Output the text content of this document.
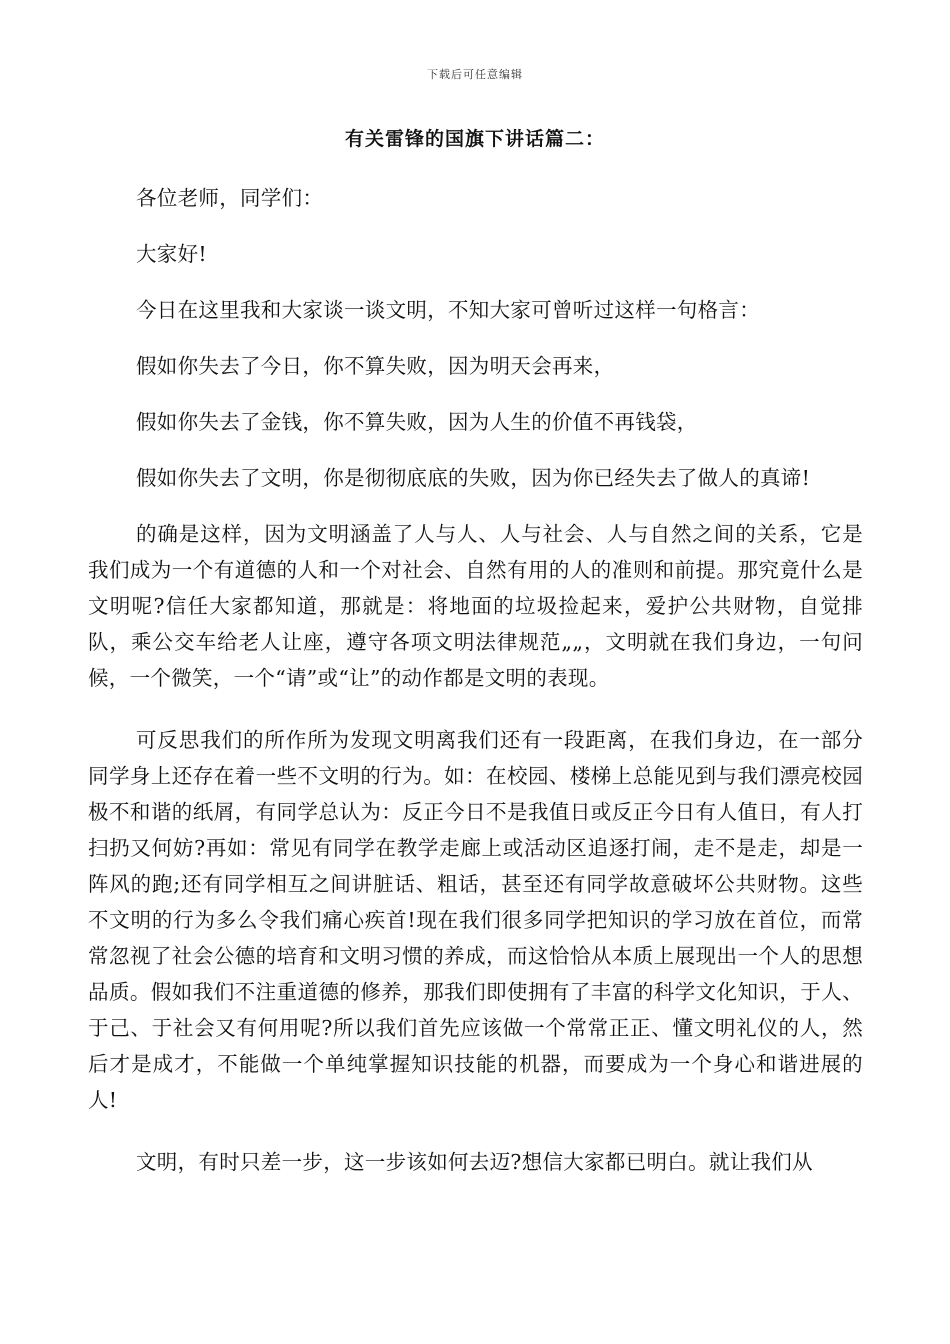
下载后可任意编辑
有关雷锋的国旗下讲话篇二：

各位老师，同学们：

大家好!

今日在这里我和大家谈一谈文明，不知大家可曾听过这样一句格言：

假如你失去了今日，你不算失败，因为明天会再来，

假如你失去了金钱，你不算失败，因为人生的价值不再钱袋，

假如你失去了文明，你是彻彻底底的失败，因为你已经失去了做人的真谛!

的确是这样，因为文明涵盖了人与人、人与社会、人与自然之间的关系，它是我们成为一个有道德的人和一个对社会、自然有用的人的准则和前提。那究竟什么是文明呢?信任大家都知道，那就是：将地面的垃圾捡起来，爱护公共财物，自觉排队，乘公交车给老人让座，遵守各项文明法律规范„„，文明就在我们身边，一句问候，一个微笑，一个“请”或“让”的动作都是文明的表现。

可反思我们的所作所为发现文明离我们还有一段距离，在我们身边，在一部分同学身上还存在着一些不文明的行为。如：在校园、楼梯上总能见到与我们漂亮校园极不和谐的纸屑，有同学总认为：反正今日不是我值日或反正今日有人值日，有人打扫扔又何妨?再如：常见有同学在教学走廊上或活动区追逐打闹，走不是走，却是一阵风的跑;还有同学相互之间讲脏话、粗话，甚至还有同学故意破坏公共财物。这些不文明的行为多么令我们痛心疾首!现在我们很多同学把知识的学习放在首位，而常常忽视了社会公德的培育和文明习惯的养成，而这恰恰从本质上展现出一个人的思想品质。假如我们不注重道德的修养，那我们即使拥有了丰富的科学文化知识，于人、于己、于社会又有何用呢?所以我们首先应该做一个常常正正、懂文明礼仪的人，然后才是成才，不能做一个单纯掌握知识技能的机器，而要成为一个身心和谐进展的人!

文明，有时只差一步，这一步该如何去迈?想信大家都已明白。就让我们从
